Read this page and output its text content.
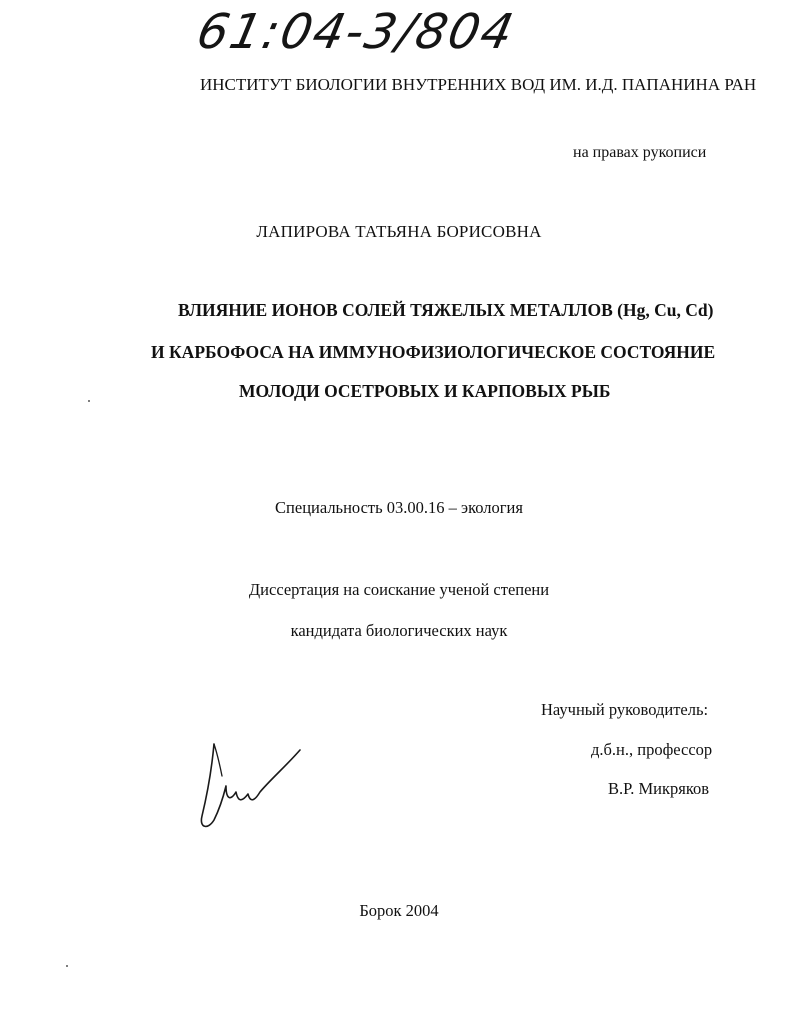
61:04-3/804
ИНСТИТУТ БИОЛОГИИ ВНУТРЕННИХ ВОД ИМ. И.Д. ПАПАНИНА РАН
на правах рукописи
ЛАПИРОВА ТАТЬЯНА БОРИСОВНА
ВЛИЯНИЕ ИОНОВ СОЛЕЙ ТЯЖЕЛЫХ МЕТАЛЛОВ (Hg, Cu, Cd)
И КАРБОФОСА НА ИММУНОФИЗИОЛОГИЧЕСКОЕ СОСТОЯНИЕ
МОЛОДИ ОСЕТРОВЫХ И КАРПОВЫХ РЫБ
Специальность 03.00.16 – экология
Диссертация на соискание ученой степени
кандидата биологических наук
Научный руководитель:
д.б.н., профессор
В.Р. Микряков
Борок 2004
